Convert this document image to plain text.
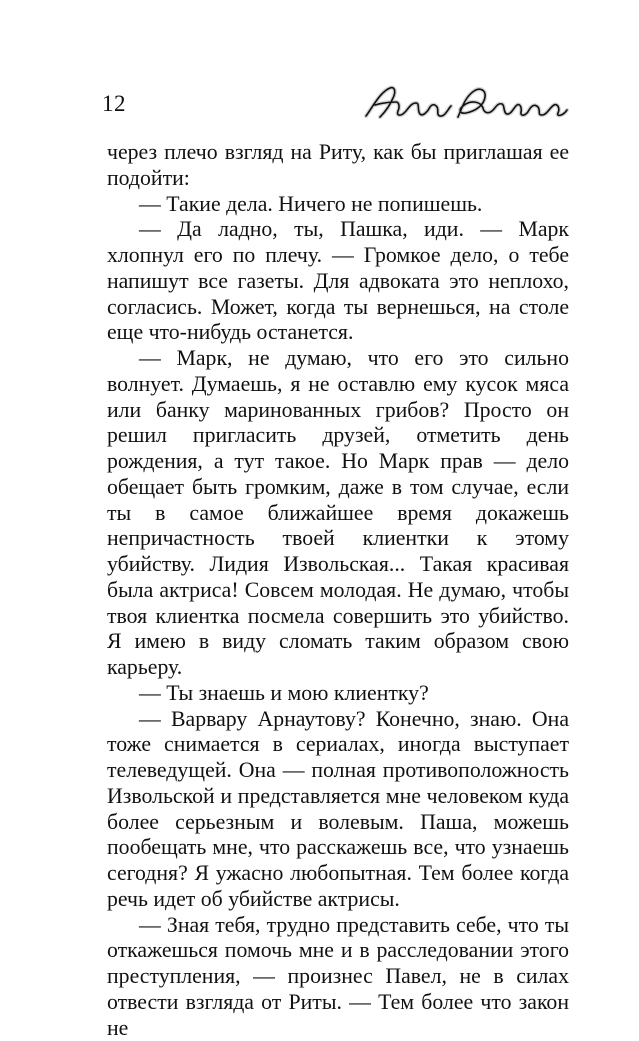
12

через плечо взгляд на Риту, как бы приглашая ее подойти:

— Такие дела. Ничего не попишешь.

— Да ладно, ты, Пашка, иди. — Марк хлопнул его по плечу. — Громкое дело, о тебе напишут все газеты. Для адвоката это неплохо, согласись. Может, когда ты вернешься, на столе еще что-нибудь останется.

— Марк, не думаю, что его это сильно волнует. Думаешь, я не оставлю ему кусок мяса или банку маринованных грибов? Просто он решил пригласить друзей, отметить день рождения, а тут такое. Но Марк прав — дело обещает быть громким, даже в том случае, если ты в самое ближайшее время докажешь непричастность твоей клиентки к этому убийству. Лидия Извольская... Такая красивая была актриса! Совсем молодая. Не думаю, чтобы твоя клиентка посмела совершить это убийство. Я имею в виду сломать таким образом свою карьеру.

— Ты знаешь и мою клиентку?

— Варвару Арнаутову? Конечно, знаю. Она тоже снимается в сериалах, иногда выступает телеведущей. Она — полная противоположность Извольской и представляется мне человеком куда более серьезным и волевым. Паша, можешь пообещать мне, что расскажешь все, что узнаешь сегодня? Я ужасно любопытная. Тем более когда речь идет об убийстве актрисы.

— Зная тебя, трудно представить себе, что ты откажешься помочь мне и в расследовании этого преступления, — произнес Павел, не в силах отвести взгляда от Риты. — Тем более что закон не
